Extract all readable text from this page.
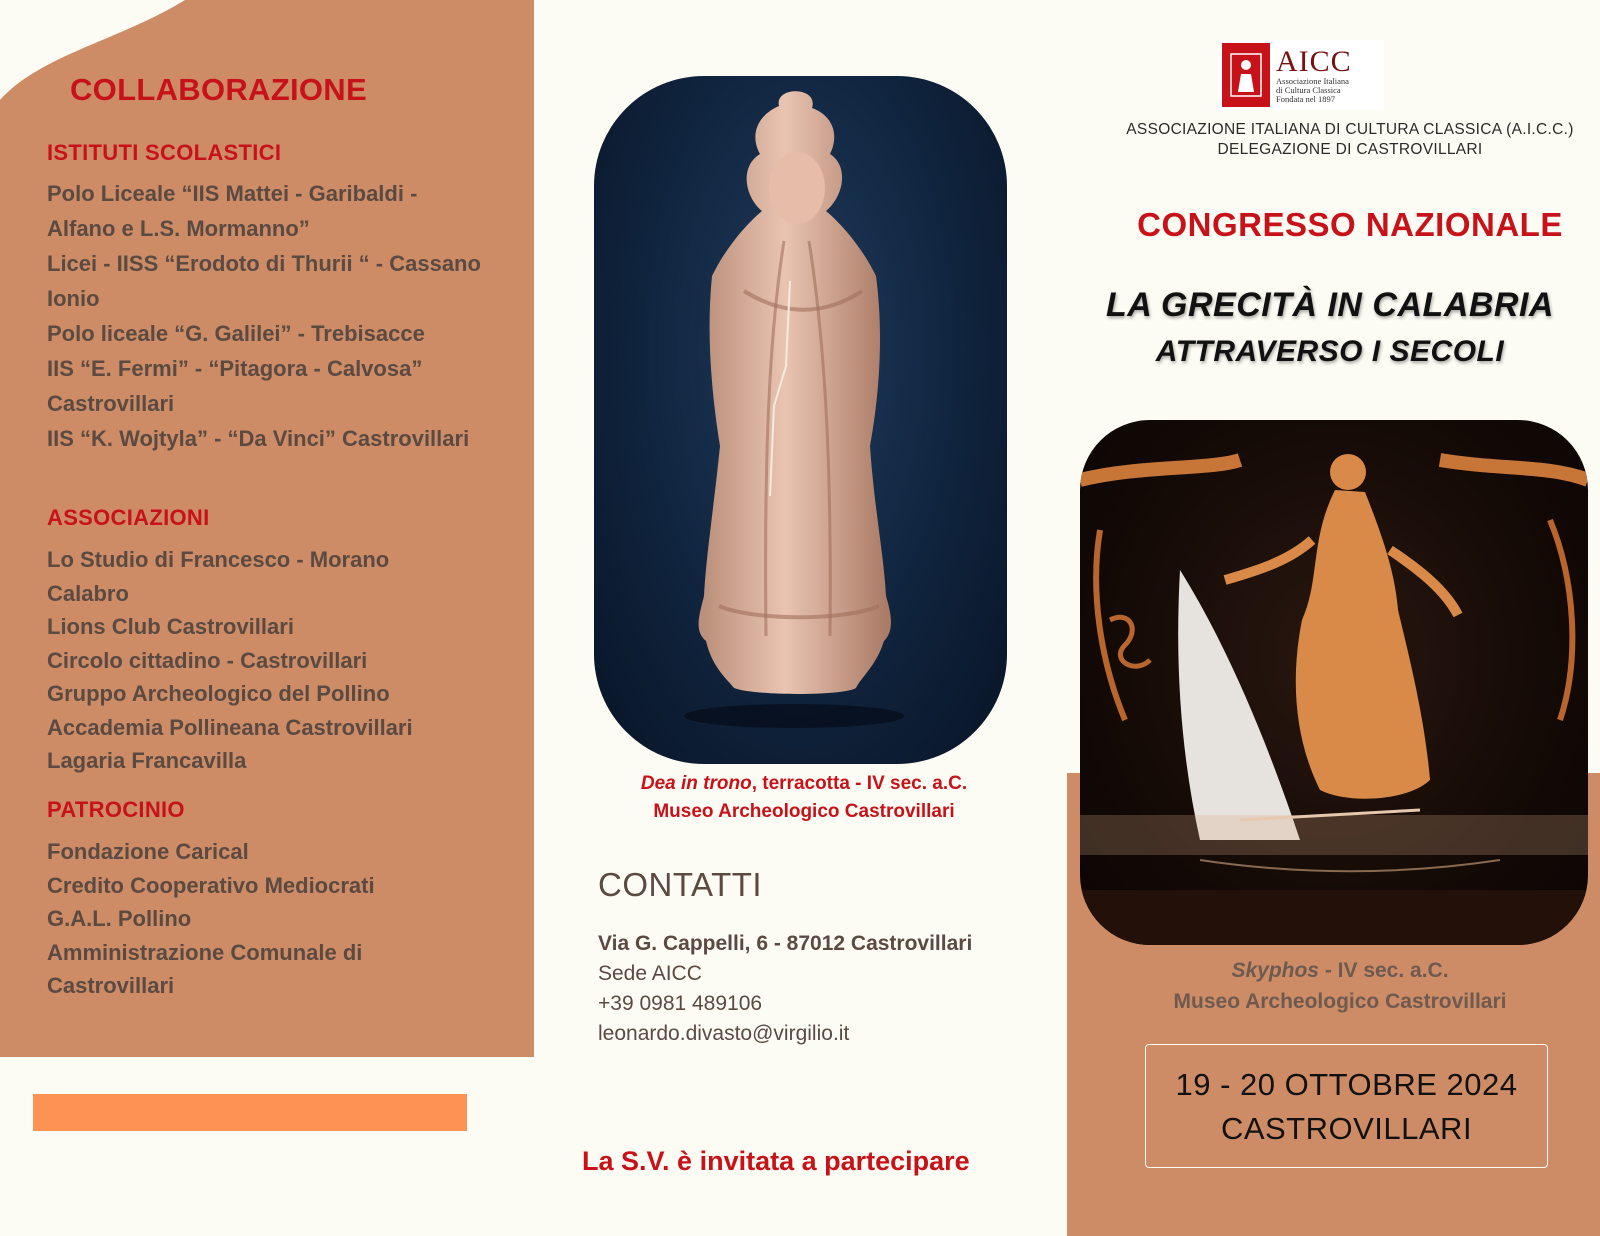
COLLABORAZIONE
ISTITUTI SCOLASTICI
Polo Liceale “IIS Mattei - Garibaldi -
Alfano e L.S. Mormanno”
Licei - IISS “Erodoto di Thurii “ - Cassano
Ionio
Polo liceale “G. Galilei” - Trebisacce
IIS “E. Fermi” - “Pitagora - Calvosa”
Castrovillari
IIS “K. Wojtyla” - “Da Vinci” Castrovillari
ASSOCIAZIONI
Lo Studio di Francesco - Morano
Calabro
Lions Club Castrovillari
Circolo cittadino - Castrovillari
Gruppo Archeologico del Pollino
Accademia Pollineana Castrovillari
Lagaria Francavilla
PATROCINIO
Fondazione Carical
Credito Cooperativo Mediocrati
G.A.L. Pollino
Amministrazione Comunale di
Castrovillari
Dea in trono, terracotta - IV sec. a.C.
Museo Archeologico Castrovillari
CONTATTI
Via G. Cappelli, 6 - 87012 Castrovillari
Sede AICC
+39 0981 489106
leonardo.divasto@virgilio.it
La S.V. è invitata a partecipare
AICC
Associazione Italiana
di Cultura Classica
Fondata nel 1897
ASSOCIAZIONE ITALIANA DI CULTURA CLASSICA (A.I.C.C.)
DELEGAZIONE DI CASTROVILLARI
CONGRESSO NAZIONALE
LA GRECITÀ IN CALABRIA
ATTRAVERSO I SECOLI
Skyphos - IV sec. a.C.
Museo Archeologico Castrovillari
19 - 20 OTTOBRE 2024
CASTROVILLARI
